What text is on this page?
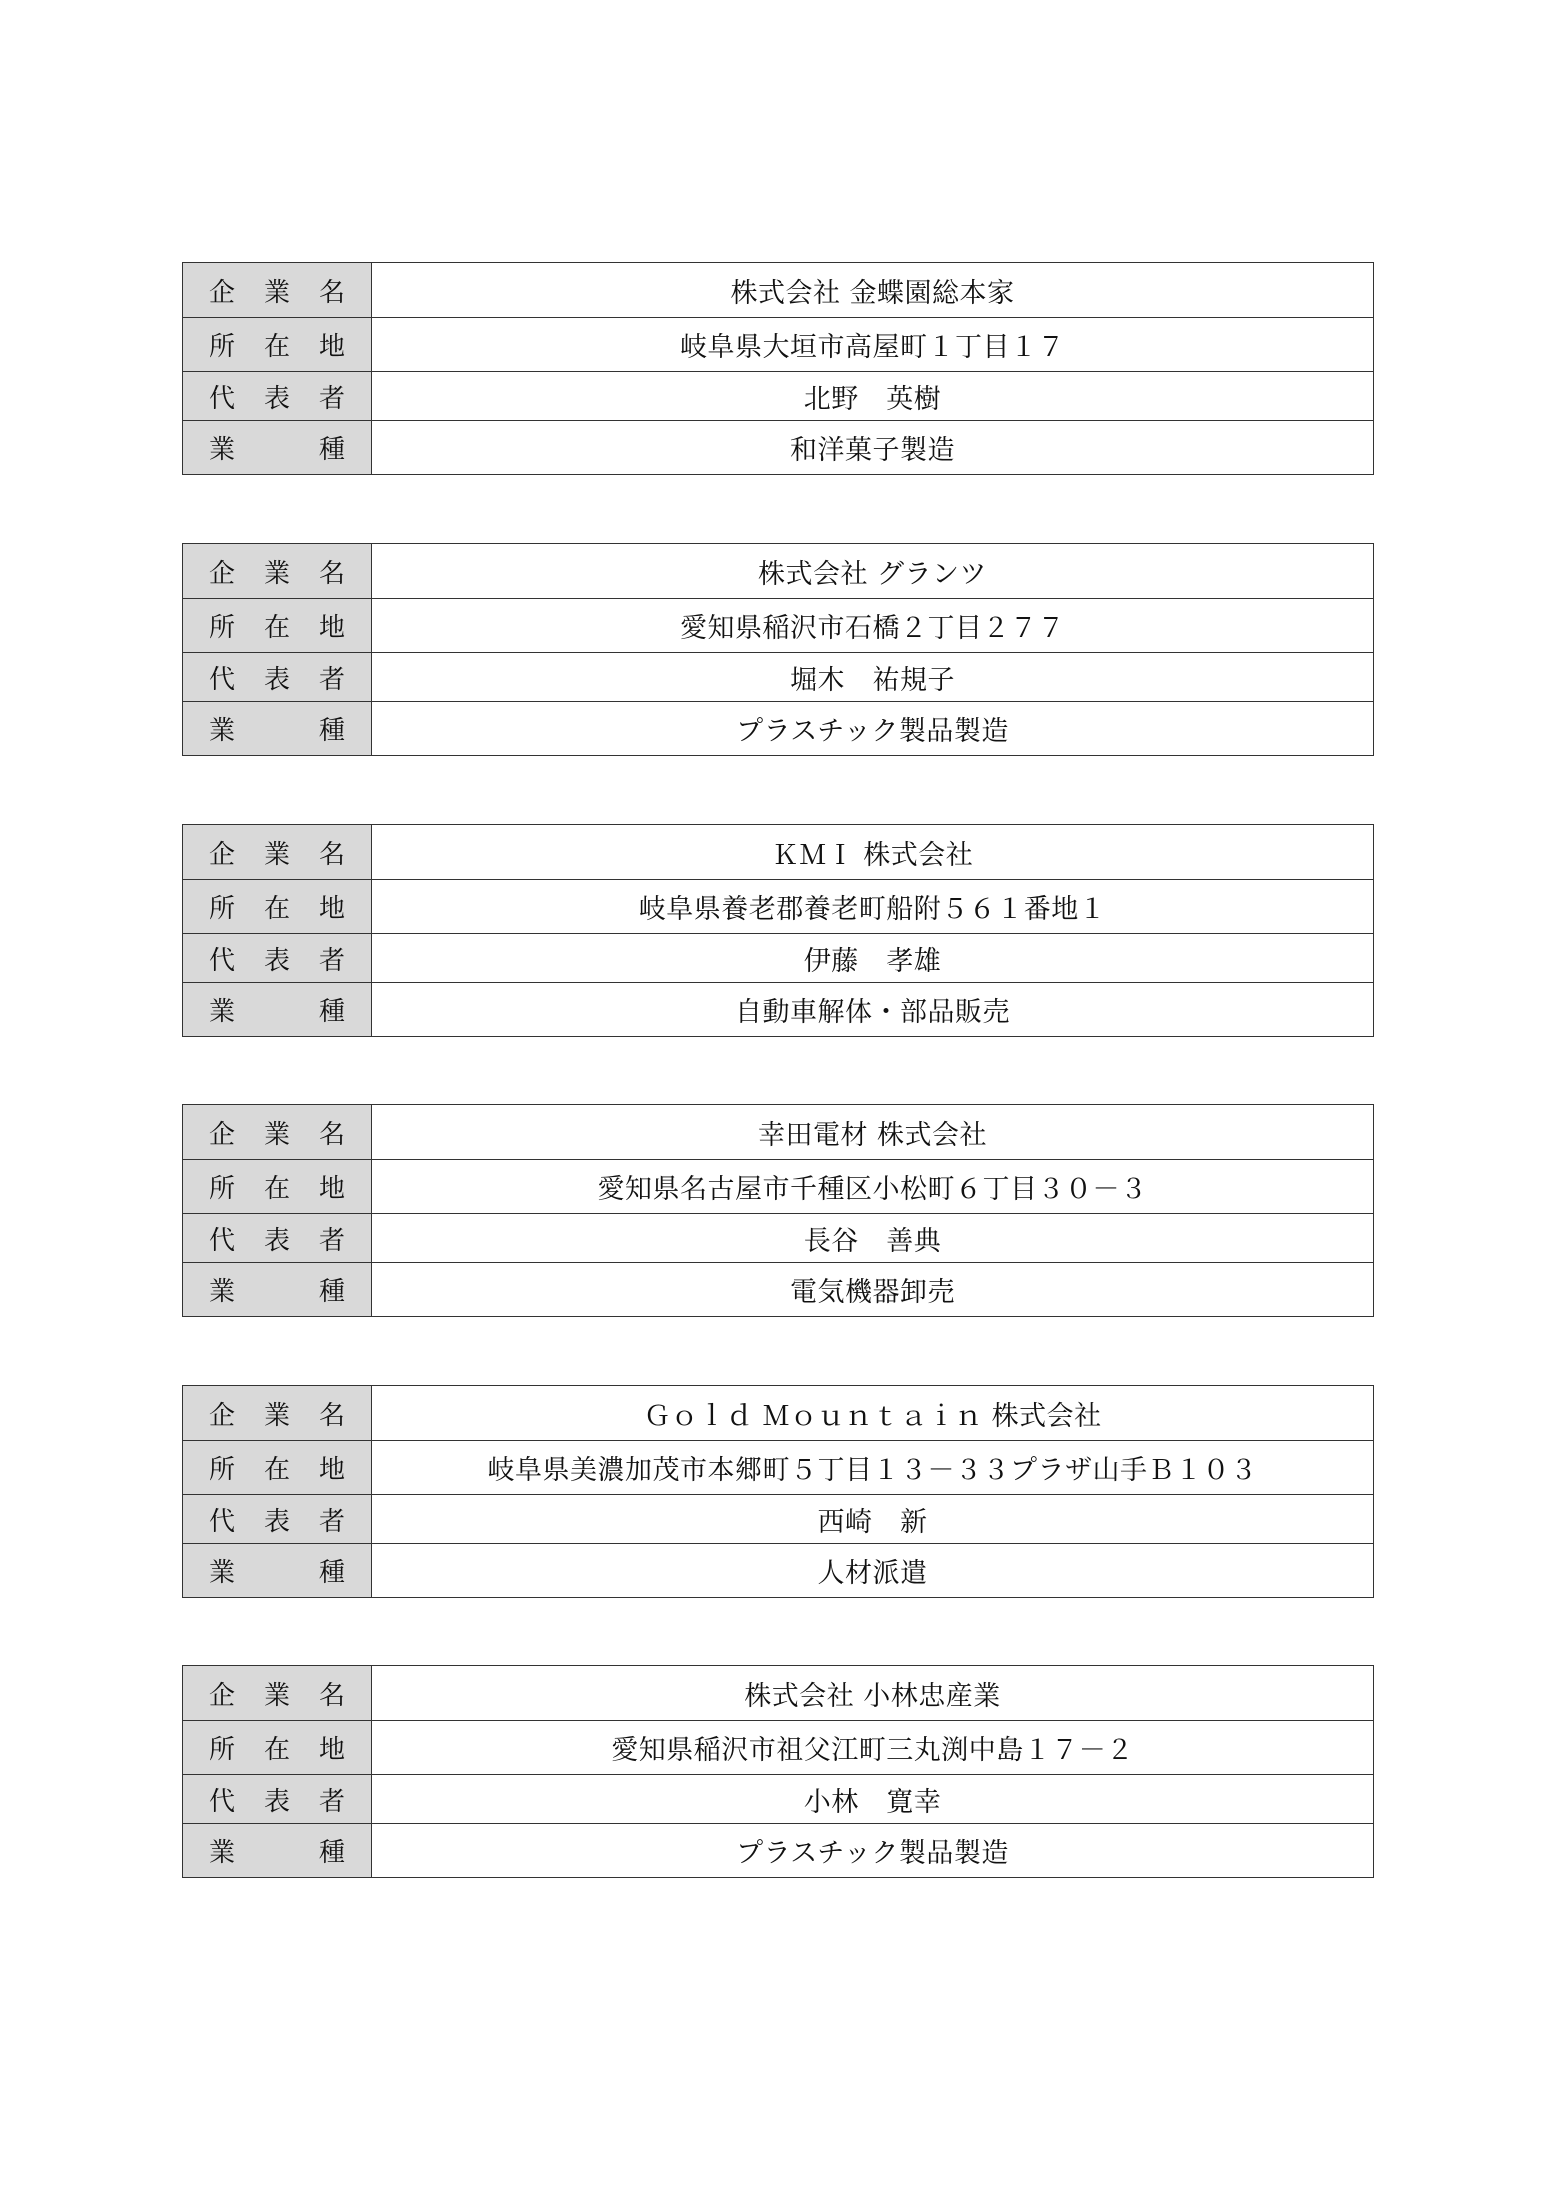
企 業 名	株式会社 金蝶園総本家

所 在 地	岐阜県大垣市高屋町１丁目１７

代 表 者	北野　英樹

業 種	和洋菓子製造
企 業 名	株式会社 グランツ

所 在 地	愛知県稲沢市石橋２丁目２７７

代 表 者	堀木　祐規子

業 種	プラスチック製品製造
企 業 名	ＫＭＩ 株式会社

所 在 地	岐阜県養老郡養老町船附５６１番地１

代 表 者	伊藤　孝雄

業 種	自動車解体・部品販売
企 業 名	幸田電材 株式会社

所 在 地	愛知県名古屋市千種区小松町６丁目３０－３

代 表 者	長谷　善典

業 種	電気機器卸売
企 業 名	Ｇｏｌｄ Ｍｏｕｎｔａｉｎ 株式会社

所 在 地	岐阜県美濃加茂市本郷町５丁目１３－３３プラザ山手Ｂ１０３

代 表 者	西崎　新

業 種	人材派遣
企 業 名	株式会社 小林忠産業

所 在 地	愛知県稲沢市祖父江町三丸渕中島１７－２

代 表 者	小林　寛幸

業 種	プラスチック製品製造
